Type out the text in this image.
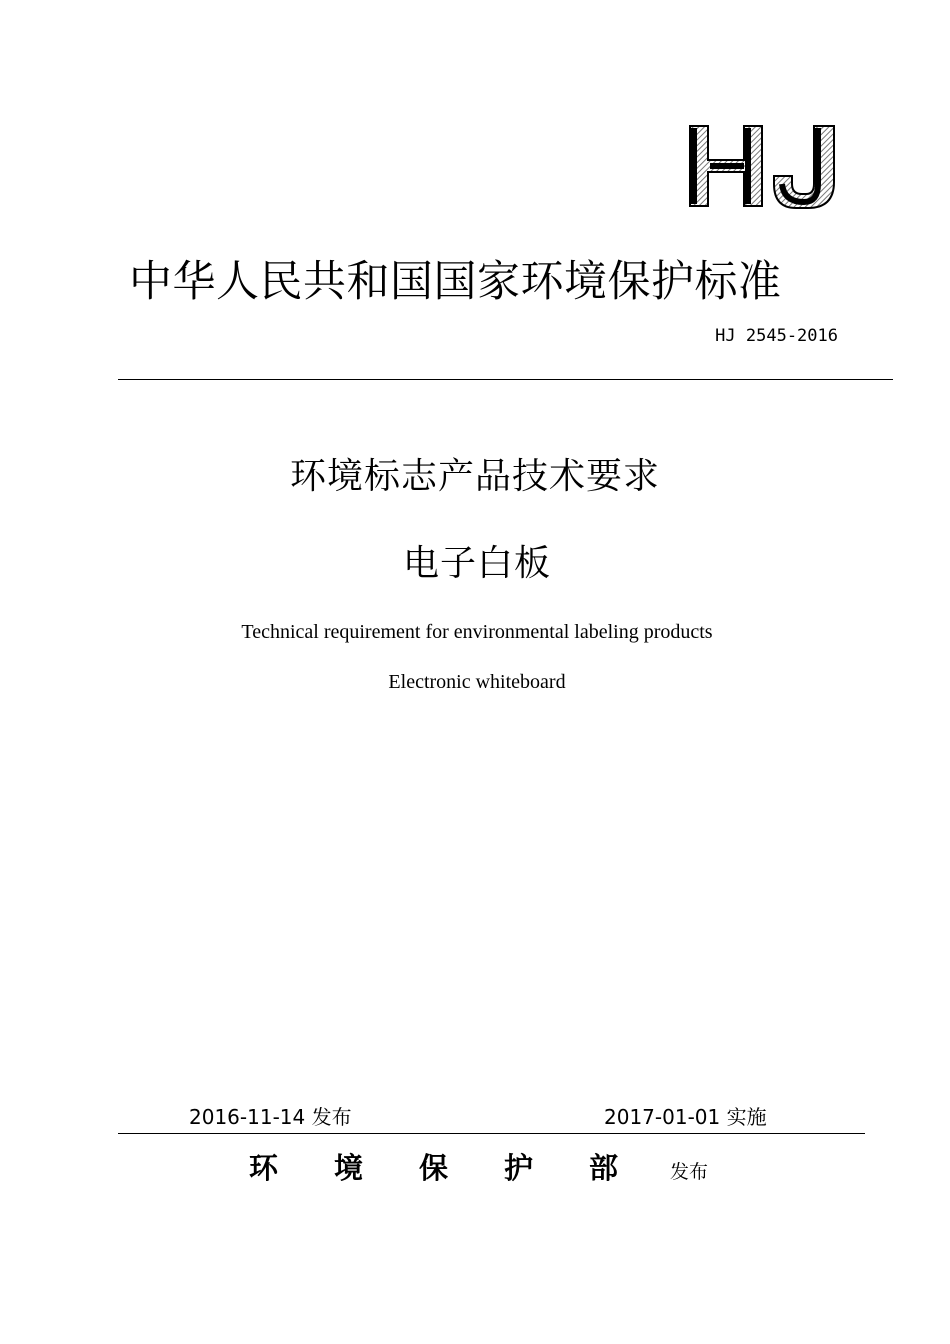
中华人民共和国国家环境保护标准
HJ 2545-2016
环境标志产品技术要求
电子白板
Technical requirement for environmental labeling products
Electronic whiteboard
2016-11-14 发布	2017-01-01 实施
环	境	保	护	部	发布
